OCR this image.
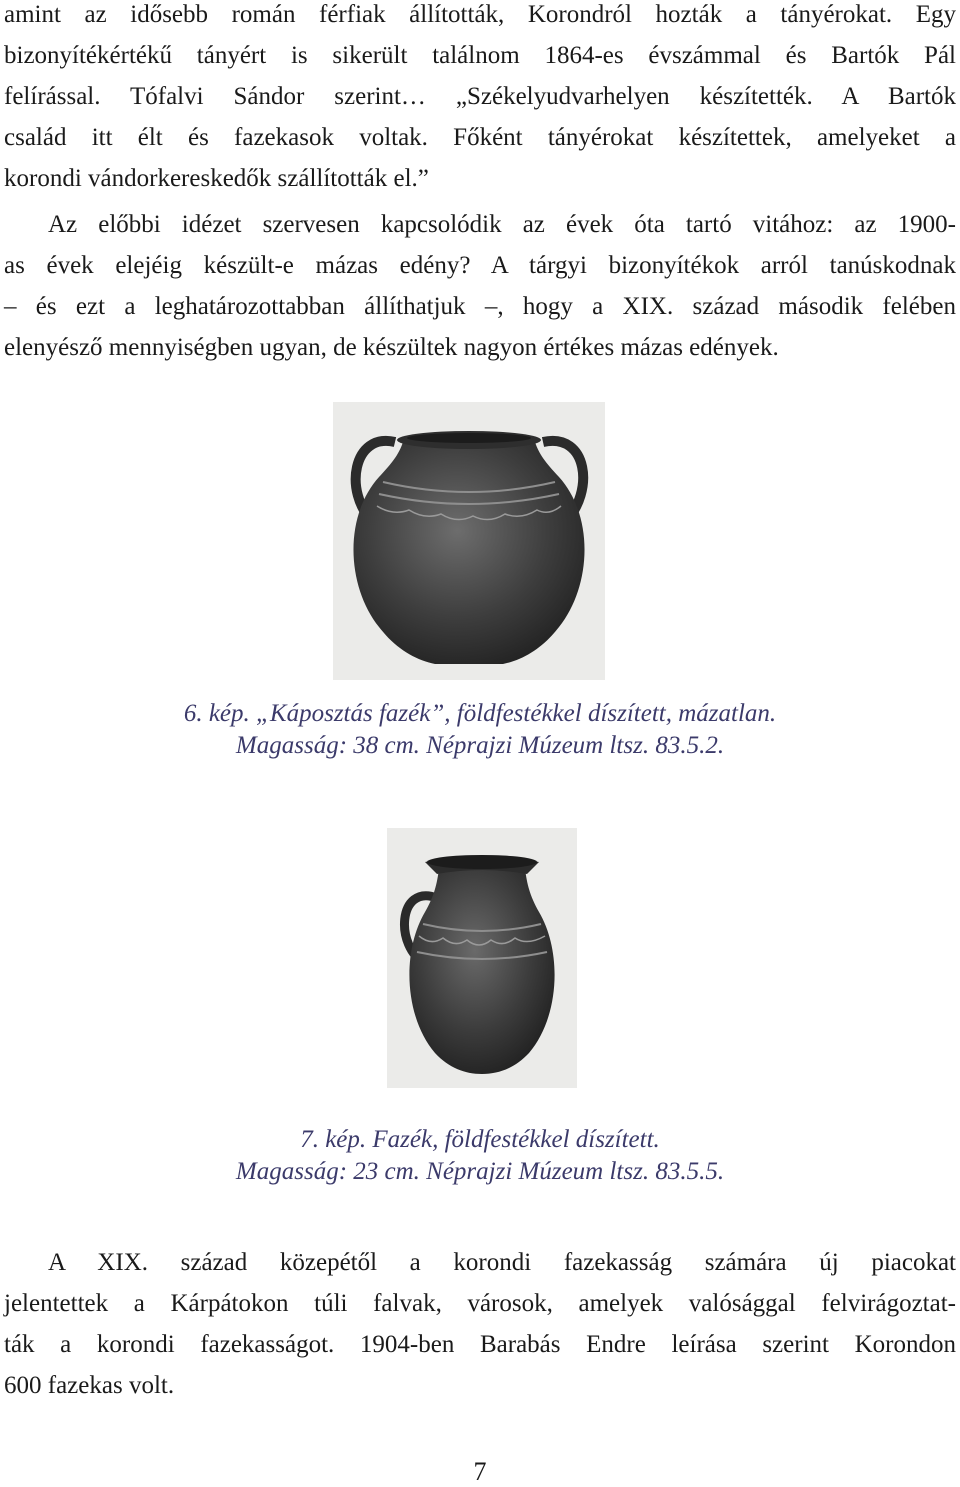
amint az idősebb román férfiak állították, Korondról hozták a tányérokat. Egy
bizonyítékértékű tányért is sikerült találnom 1864-es évszámmal és Bartók Pál
felírással. Tófalvi Sándor szerint… „Székelyudvarhelyen készítették. A Bartók
család itt élt és fazekasok voltak. Főként tányérokat készítettek, amelyeket a
korondi vándorkereskedők szállították el.”
Az előbbi idézet szervesen kapcsolódik az évek óta tartó vitához: az 1900-
as évek elejéig készült-e mázas edény? A tárgyi bizonyítékok arról tanúskodnak
– és ezt a leghatározottabban állíthatjuk –, hogy a XIX. század második felében
elenyésző mennyiségben ugyan, de készültek nagyon értékes mázas edények.
6. kép. „Káposztás fazék”, földfestékkel díszített, mázatlan.
Magasság: 38 cm. Néprajzi Múzeum ltsz. 83.5.2.
7. kép. Fazék, földfestékkel díszített.
Magasság: 23 cm. Néprajzi Múzeum ltsz. 83.5.5.
A XIX. század közepétől a korondi fazekasság számára új piacokat
jelentettek a Kárpátokon túli falvak, városok, amelyek valósággal felvirágoztat-
ták a korondi fazekasságot. 1904-ben Barabás Endre leírása szerint Korondon
600 fazekas volt.
7
